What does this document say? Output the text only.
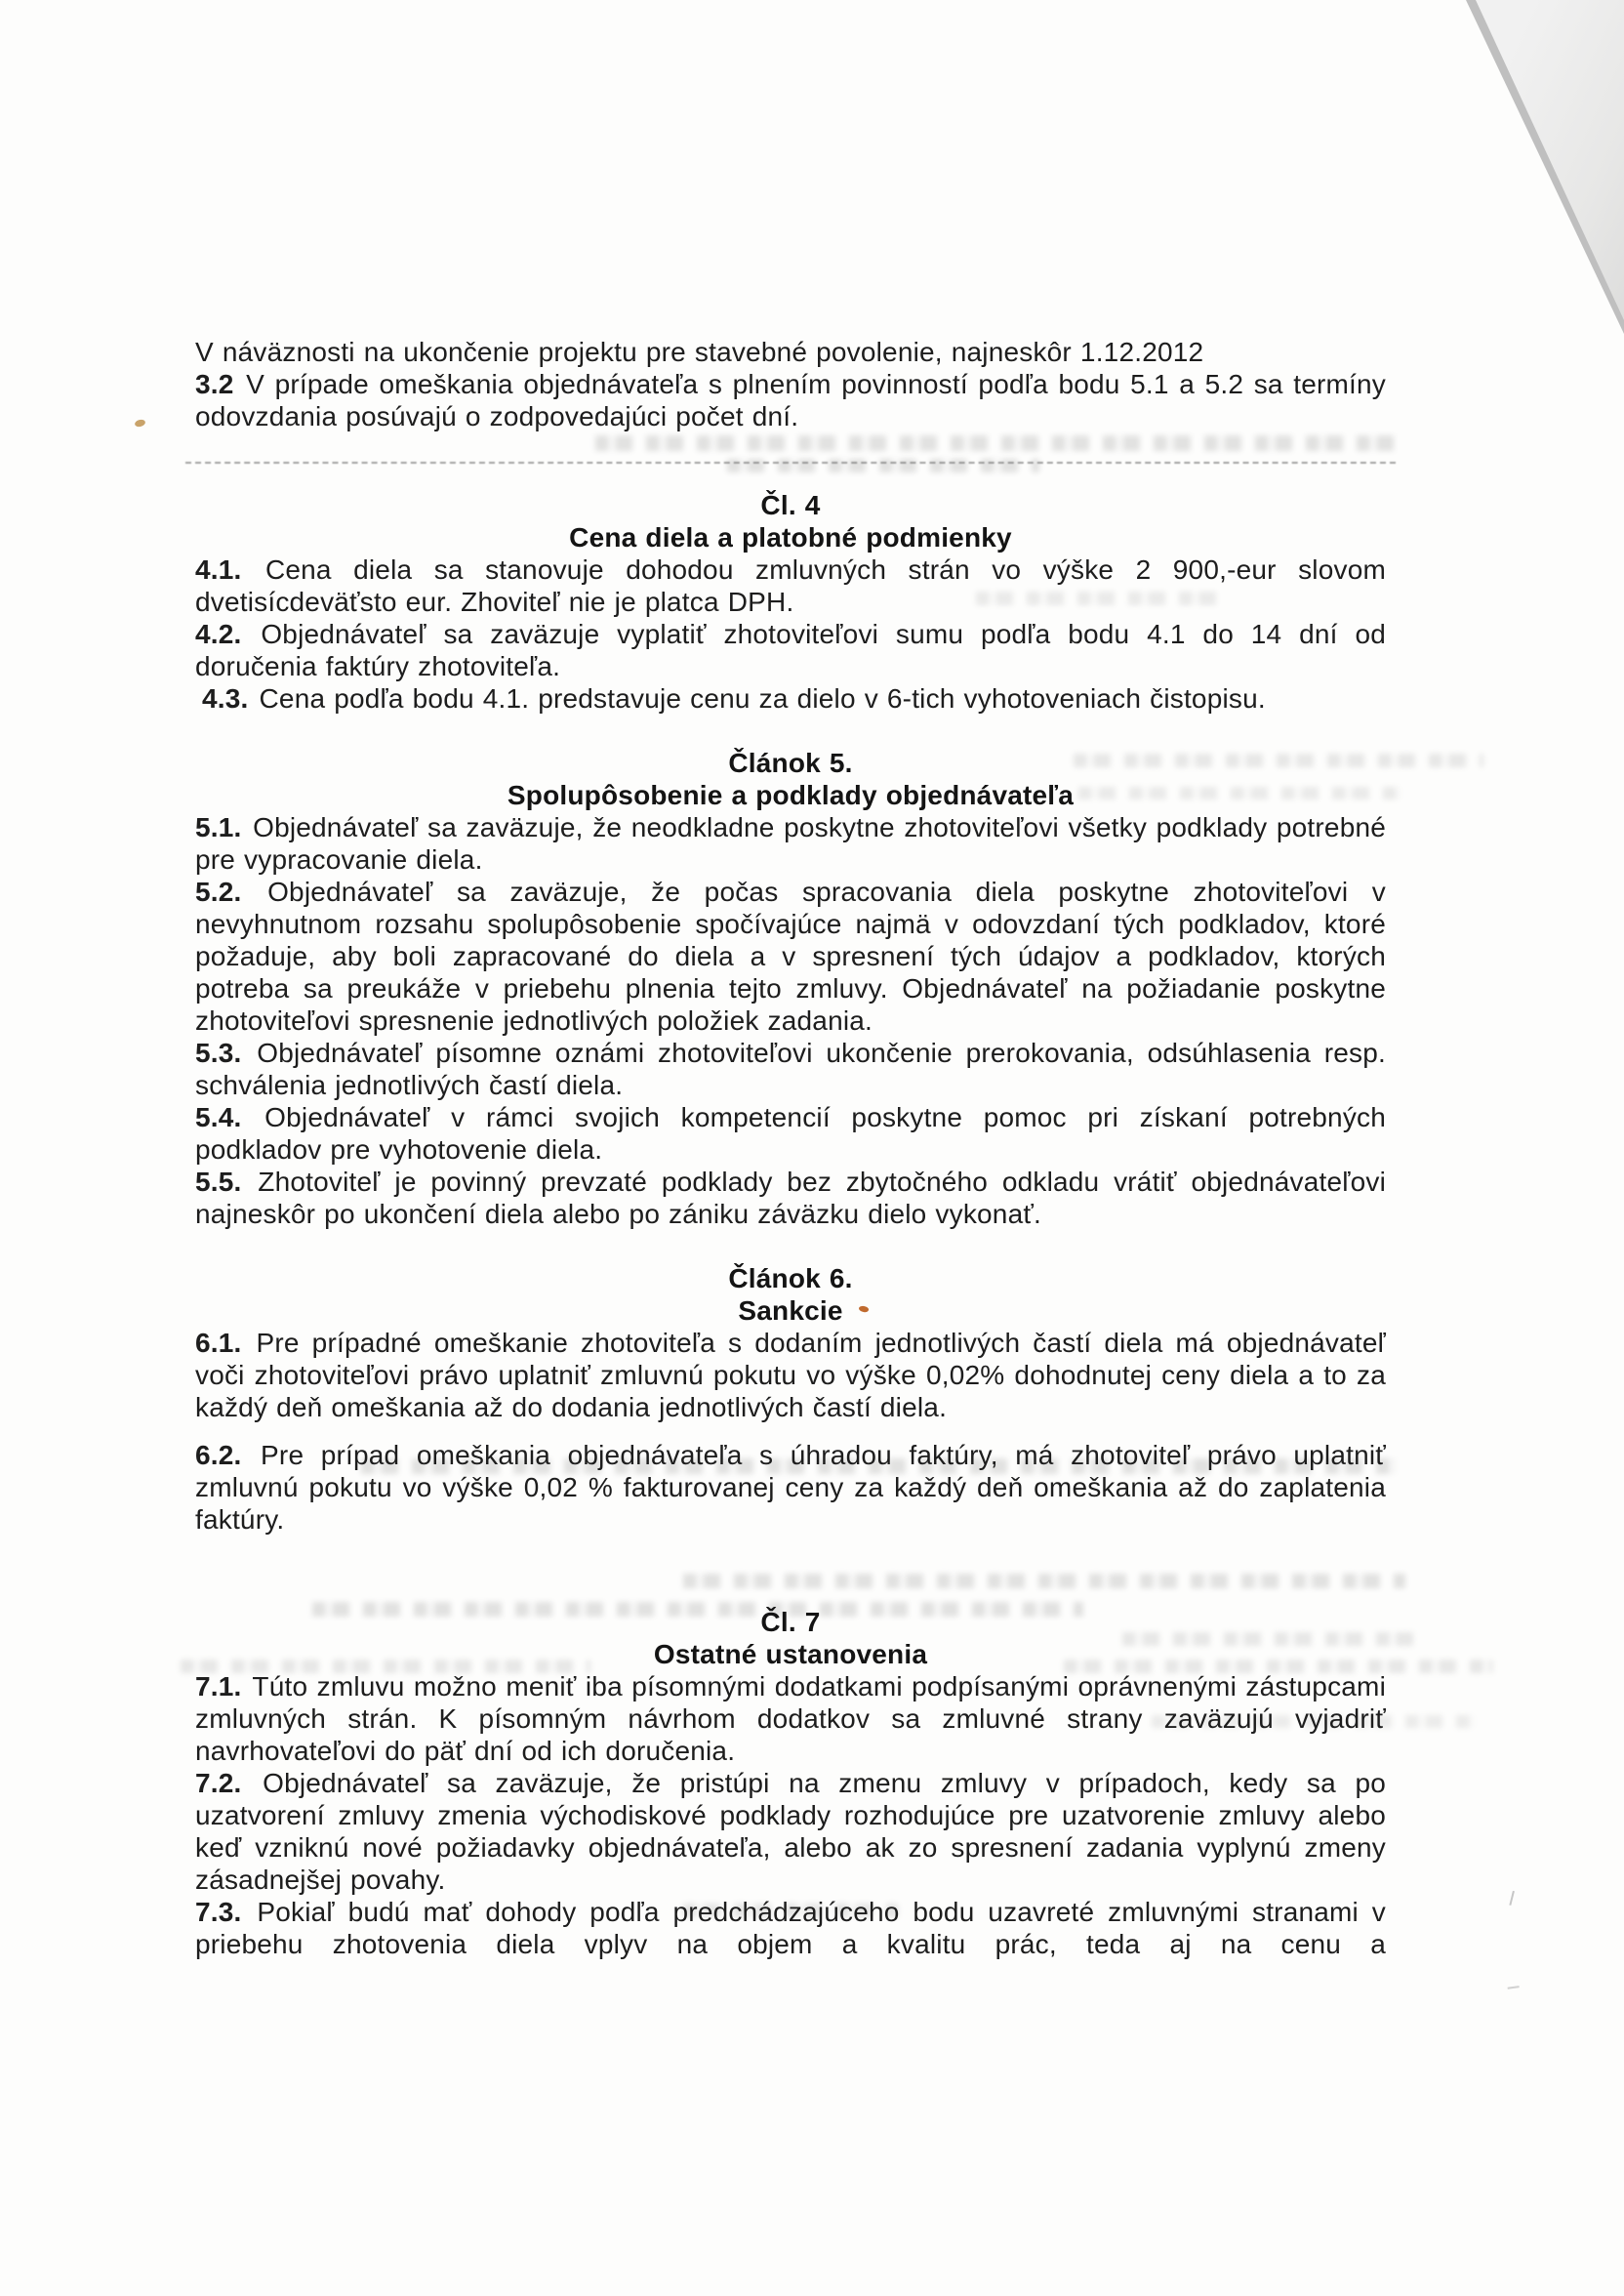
V náväznosti na ukončenie projektu pre stavebné povolenie, najneskôr 1.12.2012

3.2 V prípade omeškania objednávateľa s plnením povinností podľa bodu 5.1 a 5.2 sa termíny odovzdania posúvajú o zodpovedajúci počet dní.

Čl. 4
Cena diela a platobné podmienky

4.1. Cena diela sa stanovuje dohodou zmluvných strán vo výške 2 900,-eur slovom dvetisícdeväťsto eur. Zhoviteľ nie je platca DPH.

4.2. Objednávateľ sa zaväzuje vyplatiť zhotoviteľovi sumu podľa bodu 4.1 do 14 dní od doručenia faktúry zhotoviteľa.

4.3. Cena podľa bodu 4.1. predstavuje cenu za dielo v 6-tich vyhotoveniach čistopisu.

Článok 5.
Spolupôsobenie a podklady objednávateľa

5.1. Objednávateľ sa zaväzuje, že neodkladne poskytne zhotoviteľovi všetky podklady potrebné pre vypracovanie diela.

5.2. Objednávateľ sa zaväzuje, že počas spracovania diela poskytne zhotoviteľovi v nevyhnutnom rozsahu spolupôsobenie spočívajúce najmä v odovzdaní tých podkladov, ktoré požaduje, aby boli zapracované do diela a v spresnení tých údajov a podkladov, ktorých potreba sa preukáže v priebehu plnenia tejto zmluvy. Objednávateľ na požiadanie poskytne zhotoviteľovi spresnenie jednotlivých položiek zadania.

5.3. Objednávateľ písomne oznámi zhotoviteľovi ukončenie prerokovania, odsúhlasenia resp. schválenia jednotlivých častí diela.

5.4. Objednávateľ v rámci svojich kompetencií poskytne pomoc pri získaní potrebných podkladov pre vyhotovenie diela.

5.5. Zhotoviteľ je povinný prevzaté podklady bez zbytočného odkladu vrátiť objednávateľovi najneskôr po ukončení diela alebo po zániku záväzku dielo vykonať.

Článok 6.
Sankcie

6.1. Pre prípadné omeškanie zhotoviteľa s dodaním jednotlivých častí diela má objednávateľ voči zhotoviteľovi právo uplatniť zmluvnú pokutu vo výške 0,02% dohodnutej ceny diela a to za každý deň omeškania až do dodania jednotlivých častí diela.

6.2. Pre prípad omeškania objednávateľa s úhradou faktúry, má zhotoviteľ právo uplatniť zmluvnú pokutu vo výške 0,02 % fakturovanej ceny za každý deň omeškania až do zaplatenia faktúry.

Čl. 7
Ostatné ustanovenia

7.1. Túto zmluvu možno meniť iba písomnými dodatkami podpísanými oprávnenými zástupcami zmluvných strán. K písomným návrhom dodatkov sa zmluvné strany zaväzujú vyjadriť navrhovateľovi do päť dní od ich doručenia.

7.2. Objednávateľ sa zaväzuje, že pristúpi na zmenu zmluvy v prípadoch, kedy sa po uzatvorení zmluvy zmenia východiskové podklady rozhodujúce pre uzatvorenie zmluvy alebo keď vzniknú nové požiadavky objednávateľa, alebo ak zo spresnení zadania vyplynú zmeny zásadnejšej povahy.

7.3. Pokiaľ budú mať dohody podľa predchádzajúceho bodu uzavreté zmluvnými stranami v priebehu zhotovenia diela vplyv na objem a kvalitu prác, teda aj na cenu a
